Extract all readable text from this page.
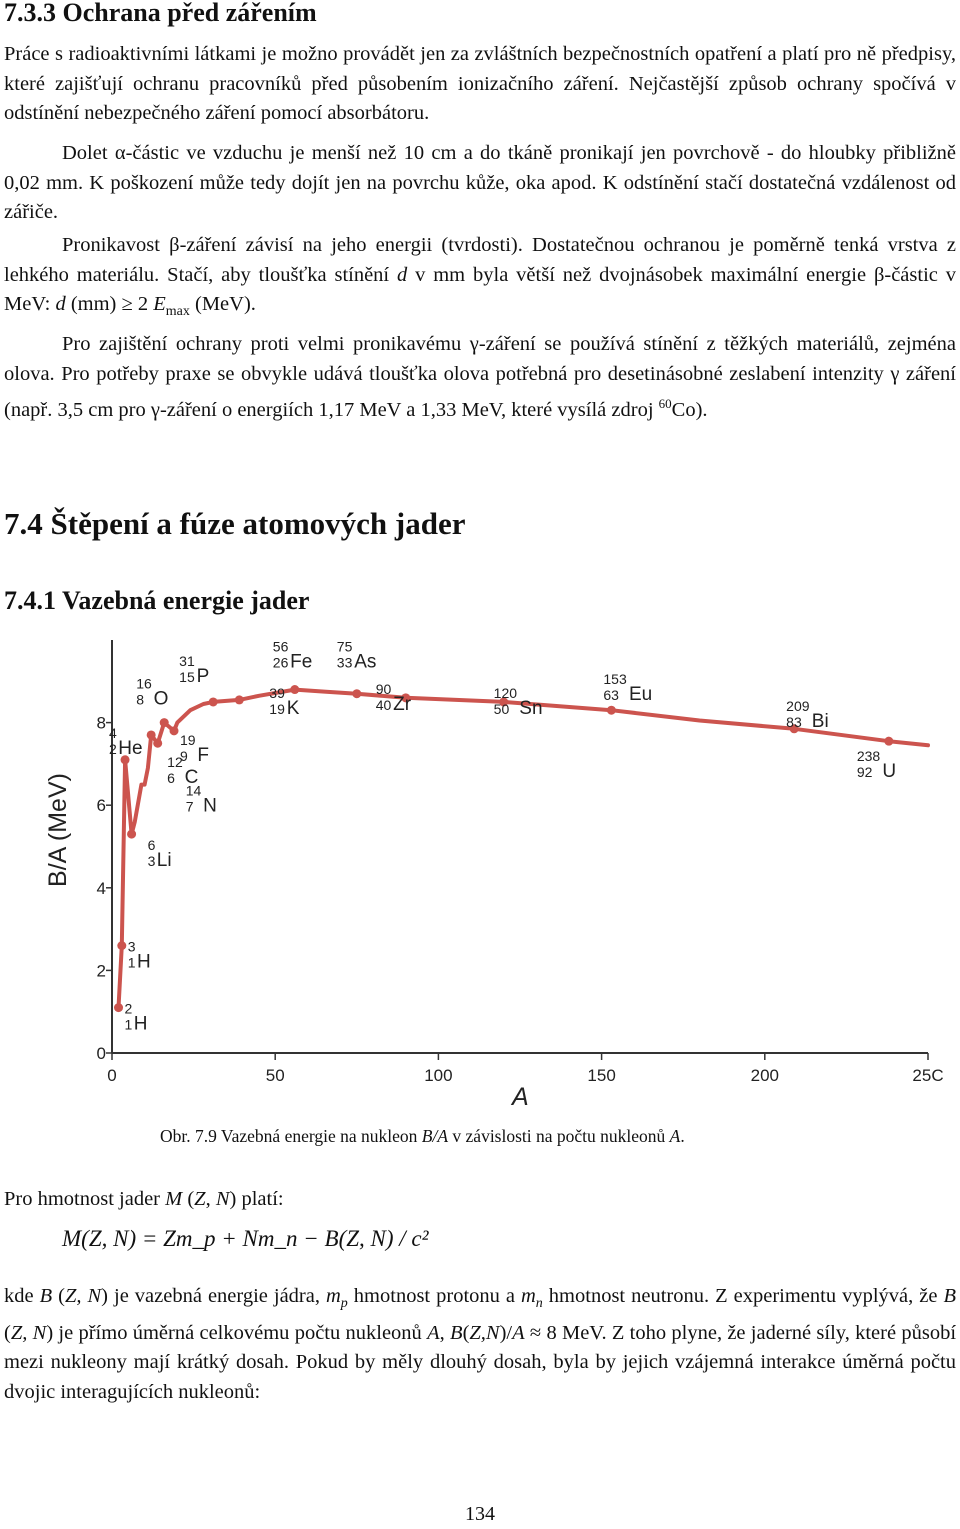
7.3.3 Ochrana před zářením
Práce s radioaktivními látkami je možno provádět jen za zvláštních bezpečnostních opatření a platí pro ně předpisy, které zajišťují ochranu pracovníků před působením ionizačního záření. Nejčastější způsob ochrany spočívá v odstínění nebezpečného záření pomocí absorbátoru.
Dolet α-částic ve vzduchu je menší než 10 cm a do tkáně pronikají jen povrchově - do hloubky přibližně 0,02 mm. K poškození může tedy dojít jen na povrchu kůže, oka apod. K odstínění stačí dostatečná vzdálenost od zářiče.
Pronikavost β-záření závisí na jeho energii (tvrdosti). Dostatečnou ochranou je poměrně tenká vrstva z lehkého materiálu. Stačí, aby tloušťka stínění d v mm byla větší než dvojnásobek maximální energie β-částic v MeV: d (mm) ≥ 2 $E_{max}$ (MeV).
Pro zajištění ochrany proti velmi pronikavému γ-záření se používá stínění z těžkých materiálů, zejména olova. Pro potřeby praxe se obvykle udává tloušťka olova potřebná pro desetinásobné zeslabení intenzity γ záření (např. 3,5 cm pro γ-záření o energiích 1,17 MeV a 1,33 MeV, které vysílá zdroj $^{60}$Co).
7.4 Štěpení a fúze atomových jader
7.4.1 Vazebná energie jader
0	50	100	150	200	25C
0
2
4
6
8
2
1 H
3
1 H
4
2 He
6
3 Li
12
6 C
14
7 N
16
8 O
19
9 F
31
15 P
39
19 K
56
26 Fe
75
33 As
90
40 Zr
120
50 Sn
153
63 Eu
209
83 Bi
238
92 U
A
B/A (MeV)
Obr. 7.9 Vazebná energie na nukleon B/A v závislosti na počtu nukleonů A.
Pro hmotnost jader M (Z, N) platí:
M(Z, N) = Zm_p + Nm_n − B(Z, N) / c²
kde B (Z, N) je vazebná energie jádra, $m_p$ hmotnost protonu a $m_n$ hmotnost neutronu. Z experimentu vyplývá, že B (Z, N) je přímo úměrná celkovému počtu nukleonů A, B(Z,N)/A ≈ 8 MeV. Z toho plyne, že jaderné síly, které působí mezi nukleony mají krátký dosah. Pokud by měly dlouhý dosah, byla by jejich vzájemná interakce úměrná počtu dvojic interagujících nukleonů:
134
